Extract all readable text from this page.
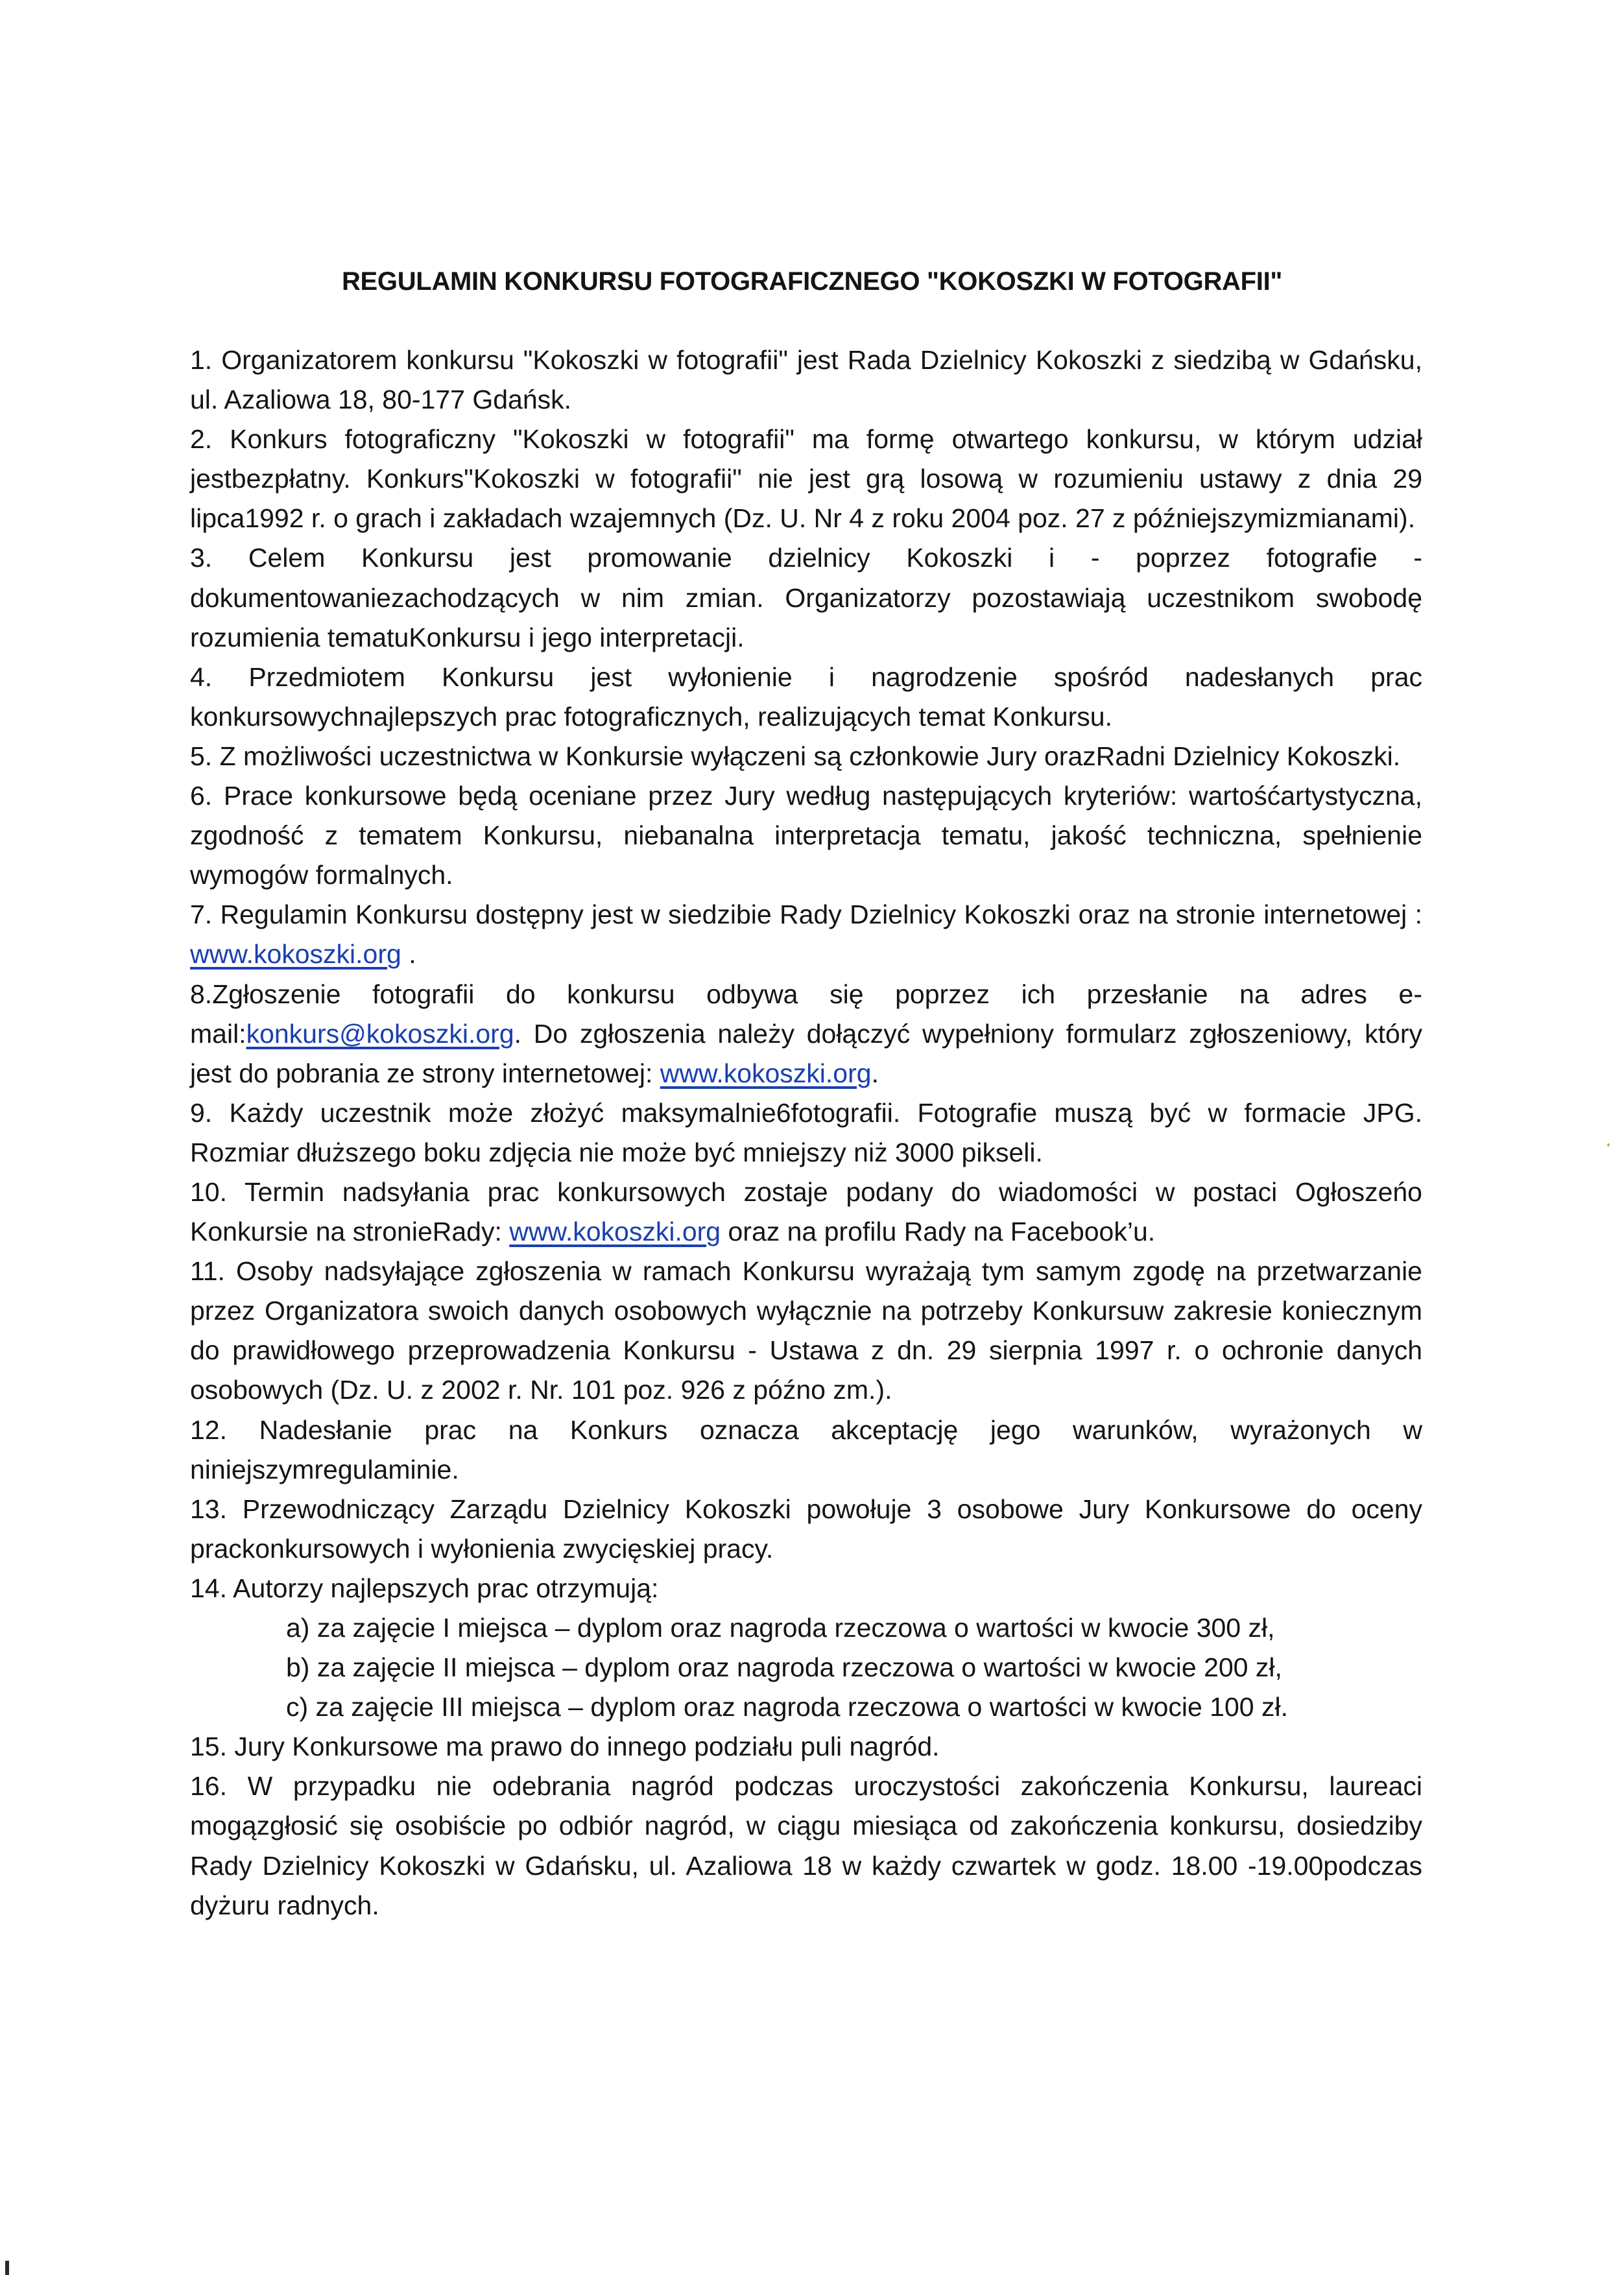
REGULAMIN KONKURSU FOTOGRAFICZNEGO "KOKOSZKI W FOTOGRAFII"

1. Organizatorem konkursu "Kokoszki w fotografii" jest Rada Dzielnicy Kokoszki z siedzibą w Gdańsku, ul. Azaliowa 18, 80-177 Gdańsk.

2. Konkurs fotograficzny "Kokoszki w fotografii" ma formę otwartego konkursu, w którym udział jestbezpłatny. Konkurs"Kokoszki w fotografii" nie jest grą losową w rozumieniu ustawy z dnia 29 lipca1992 r. o grach i zakładach wzajemnych (Dz. U. Nr 4 z roku 2004 poz. 27 z późniejszymizmianami).

3. Celem Konkursu jest promowanie dzielnicy Kokoszki i - poprzez fotografie - dokumentowaniezachodzących w nim zmian. Organizatorzy pozostawiają uczestnikom swobodę rozumienia tematuKonkursu i jego interpretacji.

4. Przedmiotem Konkursu jest wyłonienie i nagrodzenie spośród nadesłanych prac konkursowychnajlepszych prac fotograficznych, realizujących temat Konkursu.

5. Z możliwości uczestnictwa w Konkursie wyłączeni są członkowie Jury orazRadni Dzielnicy Kokoszki.

6. Prace konkursowe będą oceniane przez Jury według następujących kryteriów: wartośćartystyczna, zgodność z tematem Konkursu, niebanalna interpretacja tematu, jakość techniczna, spełnienie wymogów formalnych.

7. Regulamin Konkursu dostępny jest w siedzibie Rady Dzielnicy Kokoszki oraz na stronie internetowej : www.kokoszki.org .

8.Zgłoszenie fotografii do konkursu odbywa się poprzez ich przesłanie na adres e-mail:konkurs@kokoszki.org. Do zgłoszenia należy dołączyć wypełniony formularz zgłoszeniowy, który jest do pobrania ze strony internetowej: www.kokoszki.org.

9. Każdy uczestnik może złożyć maksymalnie6fotografii. Fotografie muszą być w formacie JPG. Rozmiar dłuższego boku zdjęcia nie może być mniejszy niż 3000 pikseli.

10. Termin nadsyłania prac konkursowych zostaje podany do wiadomości w postaci Ogłoszeńo Konkursie na stronieRady: www.kokoszki.org oraz na profilu Rady na Facebook’u.

11. Osoby nadsyłające zgłoszenia w ramach Konkursu wyrażają tym samym zgodę na przetwarzanie przez Organizatora swoich danych osobowych wyłącznie na potrzeby Konkursuw zakresie koniecznym do prawidłowego przeprowadzenia Konkursu - Ustawa z dn. 29 sierpnia 1997 r. o ochronie danych osobowych (Dz. U. z 2002 r. Nr. 101 poz. 926 z późno zm.).

12. Nadesłanie prac na Konkurs oznacza akceptację jego warunków, wyrażonych w niniejszymregulaminie.

13. Przewodniczący Zarządu Dzielnicy Kokoszki powołuje 3 osobowe Jury Konkursowe do oceny prackonkursowych i wyłonienia zwycięskiej pracy.

14. Autorzy najlepszych prac otrzymują:

a) za zajęcie I miejsca – dyplom oraz nagroda rzeczowa o wartości w kwocie 300 zł,

b) za zajęcie II miejsca – dyplom oraz nagroda rzeczowa o wartości w kwocie 200 zł,

c) za zajęcie III miejsca – dyplom oraz nagroda rzeczowa o wartości w kwocie 100 zł.

15. Jury Konkursowe ma prawo do innego podziału puli nagród.

16. W przypadku nie odebrania nagród podczas uroczystości zakończenia Konkursu, laureaci mogązgłosić się osobiście po odbiór nagród, w ciągu miesiąca od zakończenia konkursu, dosiedziby Rady Dzielnicy Kokoszki w Gdańsku, ul. Azaliowa 18 w każdy czwartek w godz. 18.00 -19.00podczas dyżuru radnych.
